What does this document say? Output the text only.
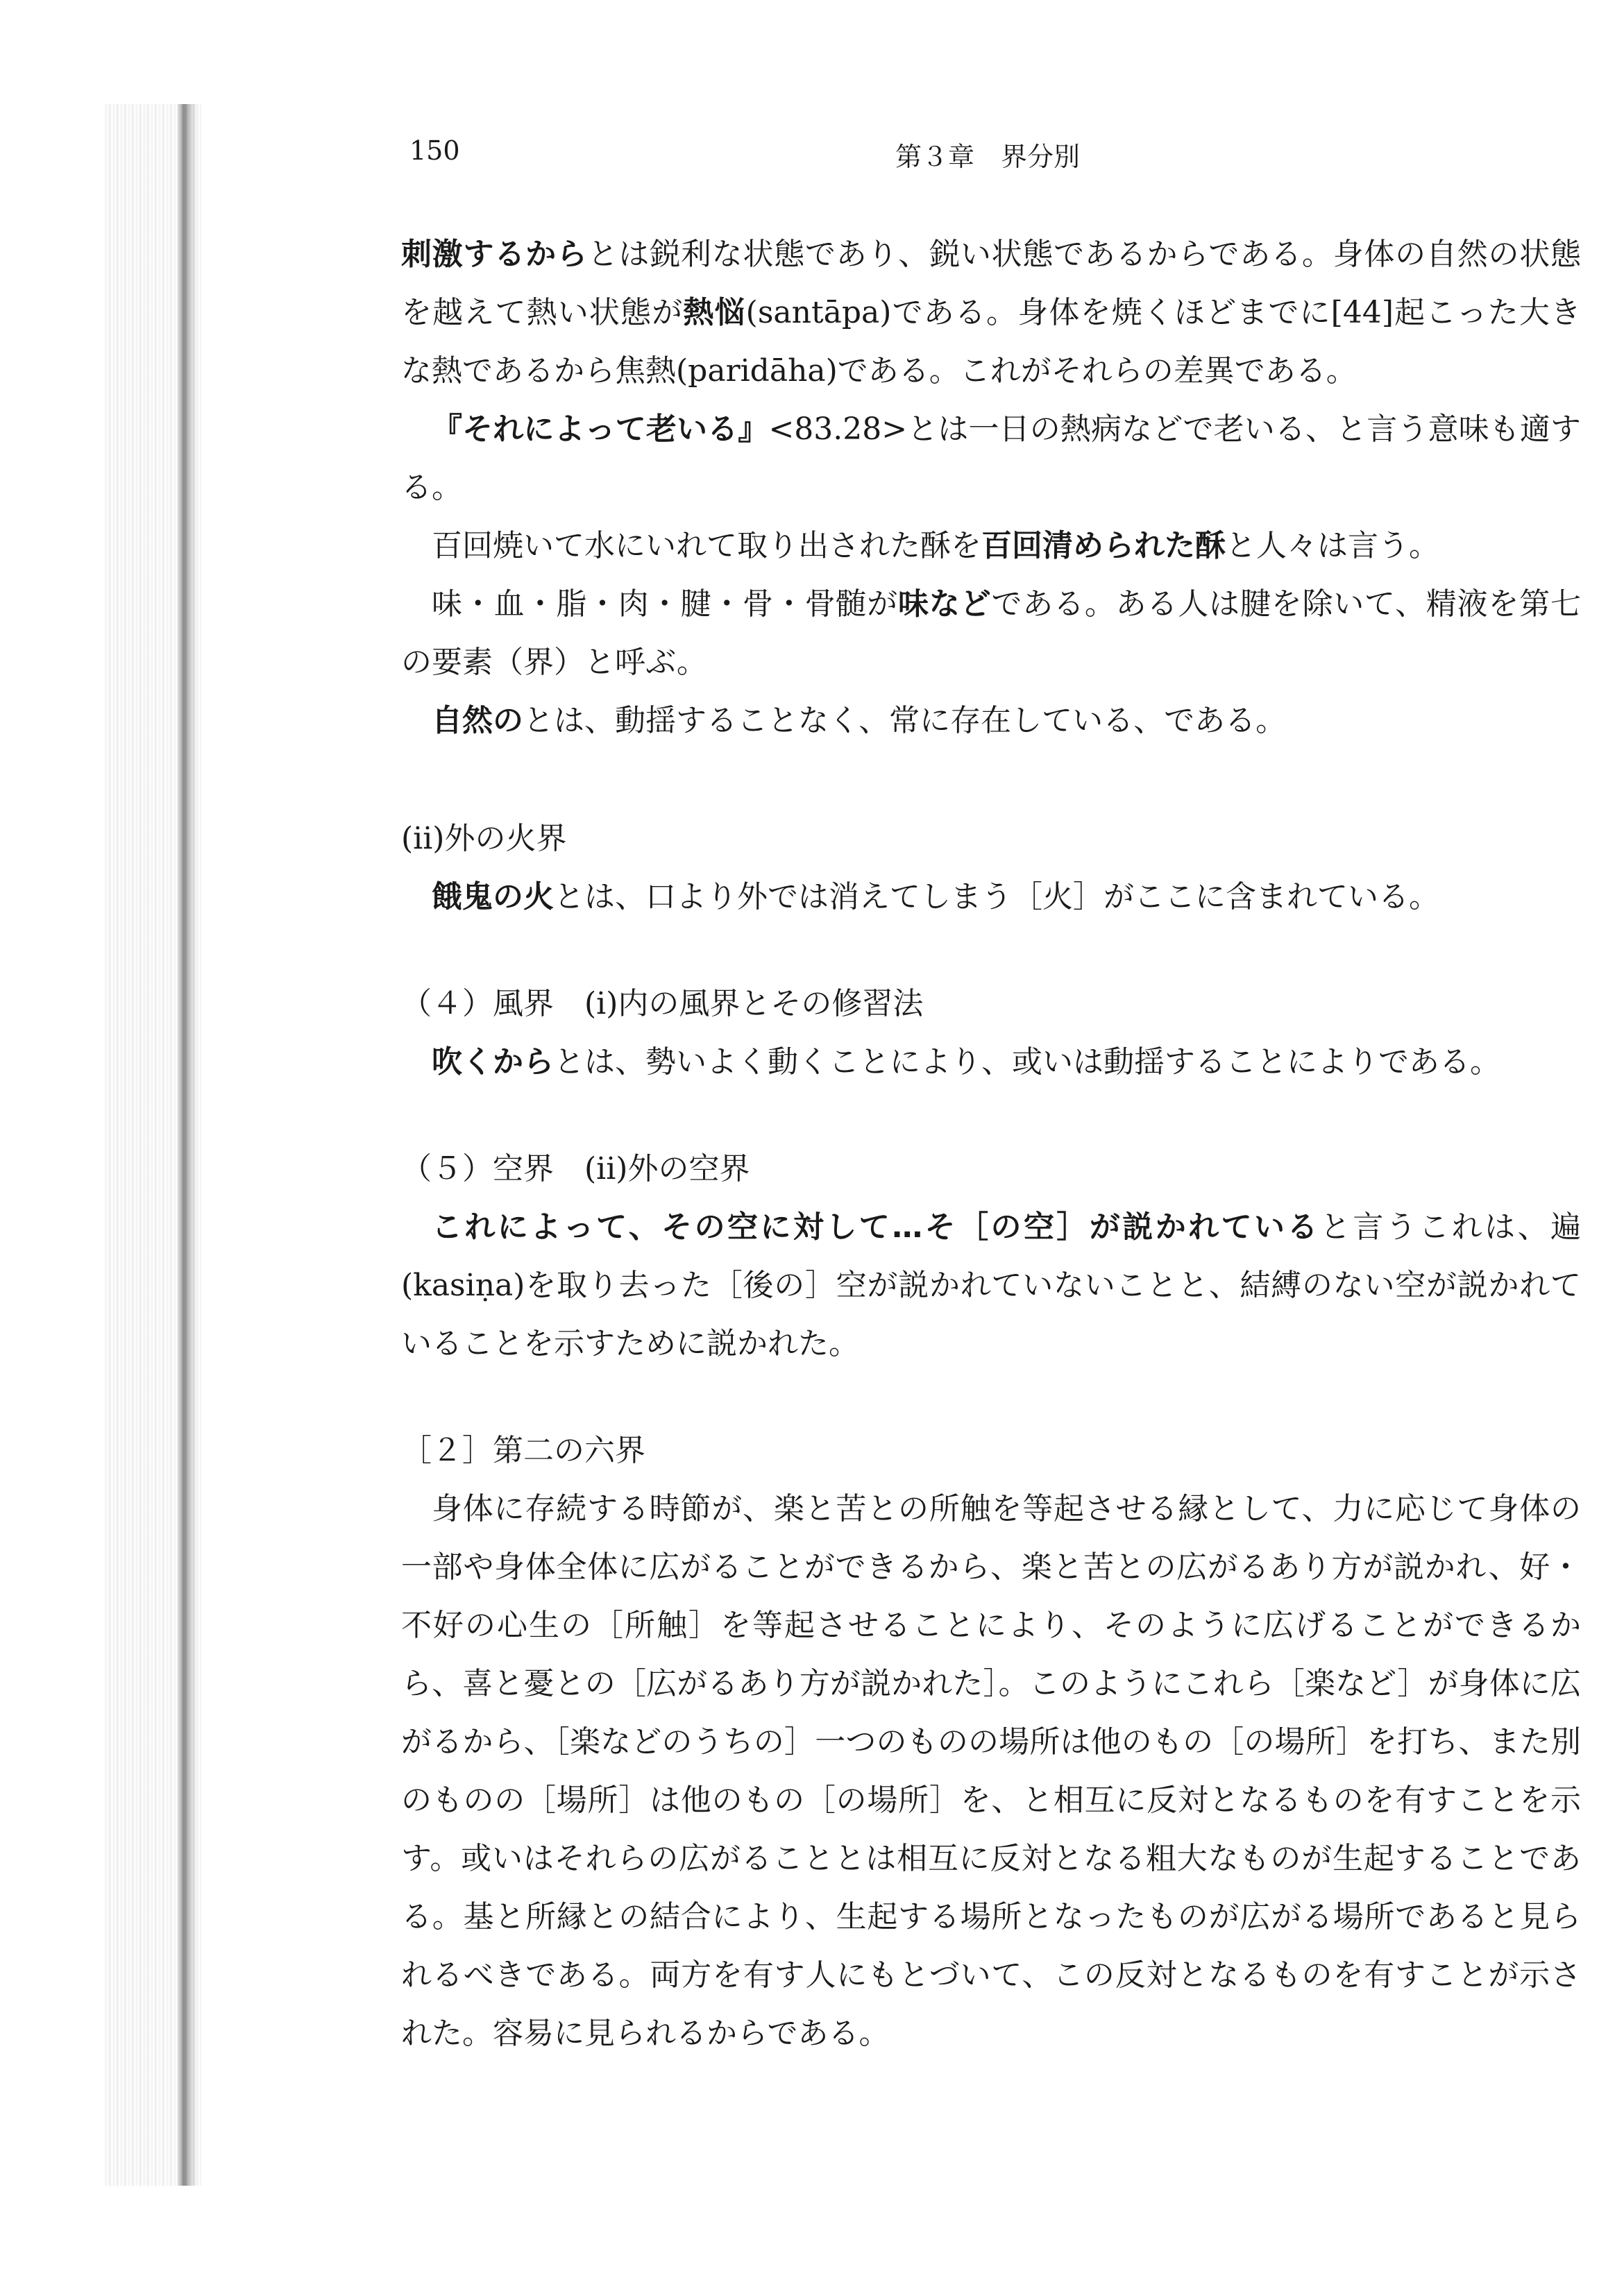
150	第３章　界分別

刺激するからとは鋭利な状態であり、鋭い状態であるからである。身体の自然の状態を越えて熱い状態が熱悩(santāpa)である。身体を焼くほどまでに[44]起こった大きな熱であるから焦熱(paridāha)である。これがそれらの差異である。

『それによって老いる』<83.28>とは一日の熱病などで老いる、と言う意味も適する。

百回焼いて水にいれて取り出された酥を百回清められた酥と人々は言う。

味・血・脂・肉・腱・骨・骨髄が味などである。ある人は腱を除いて、精液を第七の要素（界）と呼ぶ。

自然のとは、動揺することなく、常に存在している、である。

(ii)外の火界

餓鬼の火とは、口より外では消えてしまう［火］がここに含まれている。

（４）風界　(i)内の風界とその修習法

吹くからとは、勢いよく動くことにより、或いは動揺することによりである。

（５）空界　(ii)外の空界

これによって、その空に対して…そ［の空］が説かれていると言うこれは、遍(kasiṇa)を取り去った［後の］空が説かれていないことと、結縛のない空が説かれていることを示すために説かれた。

［２］第二の六界

身体に存続する時節が、楽と苦との所触を等起させる縁として、力に応じて身体の一部や身体全体に広がることができるから、楽と苦との広がるあり方が説かれ、好・不好の心生の［所触］を等起させることにより、そのように広げることができるから、喜と憂との［広がるあり方が説かれた］。このようにこれら［楽など］が身体に広がるから、［楽などのうちの］一つのものの場所は他のもの［の場所］を打ち、また別のものの［場所］は他のもの［の場所］を、と相互に反対となるものを有すことを示す。或いはそれらの広がることとは相互に反対となる粗大なものが生起することである。基と所縁との結合により、生起する場所となったものが広がる場所であると見られるべきである。両方を有す人にもとづいて、この反対となるものを有すことが示された。容易に見られるからである。
